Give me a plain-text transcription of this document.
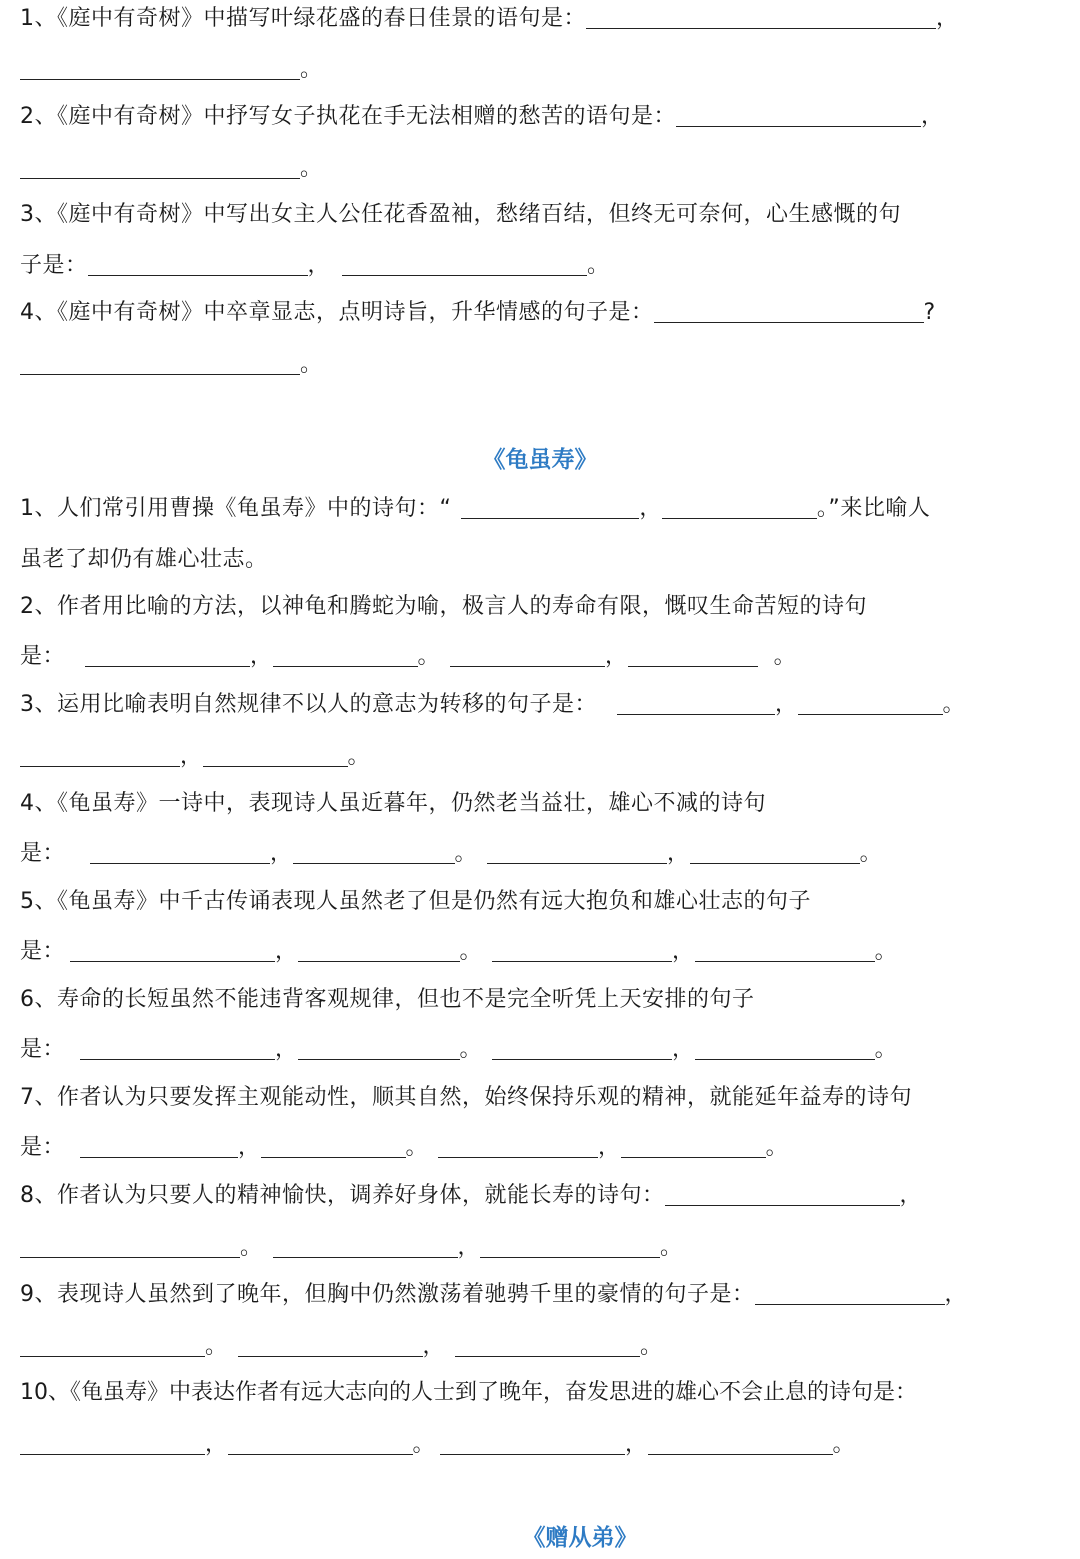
1、《庭中有奇树》中描写叶绿花盛的春日佳景的语句是：	，
。
2、《庭中有奇树》中抒写女子执花在手无法相赠的愁苦的语句是：	，
。
3、《庭中有奇树》中写出女主人公任花香盈袖，愁绪百结，但终无可奈何，心生感慨的句
子是：	，	。
4、《庭中有奇树》中卒章显志，点明诗旨，升华情感的句子是：	?
。
《龟虽寿》
1、人们常引用曹操《龟虽寿》中的诗句：“	，	。”来比喻人
虽老了却仍有雄心壮志。
2、作者用比喻的方法，以神龟和腾蛇为喻，极言人的寿命有限，慨叹生命苦短的诗句
是：	，	。	，	。
3、运用比喻表明自然规律不以人的意志为转移的句子是：	，	。
，	。
4、《龟虽寿》一诗中，表现诗人虽近暮年，仍然老当益壮，雄心不减的诗句
是：	，	。	，	。
5、《龟虽寿》中千古传诵表现人虽然老了但是仍然有远大抱负和雄心壮志的句子
是：	，	。	，	。
6、寿命的长短虽然不能违背客观规律，但也不是完全听凭上天安排的句子
是：	，	。	，	。
7、作者认为只要发挥主观能动性，顺其自然，始终保持乐观的精神，就能延年益寿的诗句
是：	，	。	，	。
8、作者认为只要人的精神愉快，调养好身体，就能长寿的诗句：	，
。	，	。
9、表现诗人虽然到了晚年，但胸中仍然激荡着驰骋千里的豪情的句子是：	，
。	，	。
10、《龟虽寿》中表达作者有远大志向的人士到了晚年，奋发思进的雄心不会止息的诗句是：
，	。	，	。
《赠从弟》
